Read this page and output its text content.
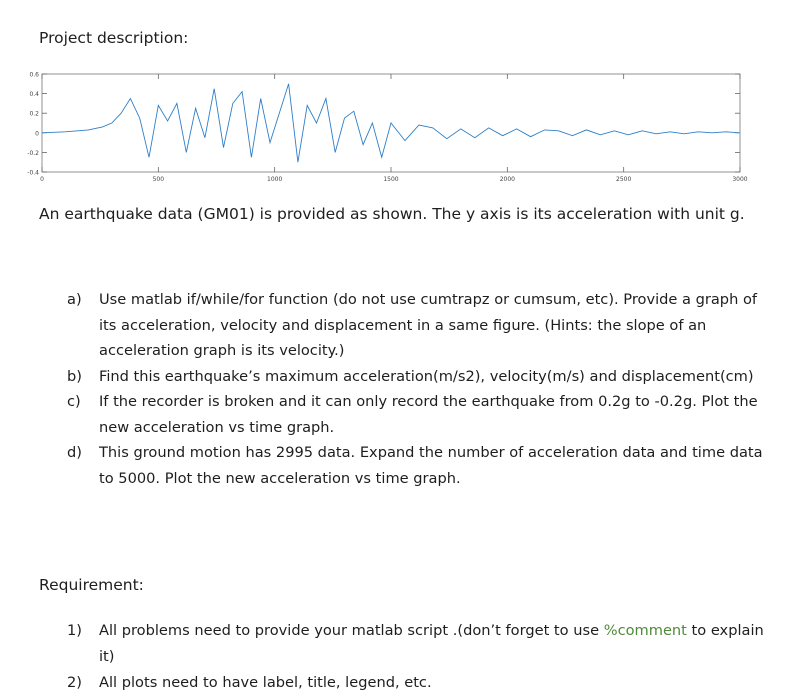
Project description:
0.6
0.4
0.2
0
-0.2
-0.4
0	500	1000	1500	2000	2500	3000
An earthquake data (GM01) is provided as shown. The y axis is its acceleration with unit g.
a) Use matlab if/while/for function (do not use cumtrapz or cumsum, etc). Provide a graph of its acceleration, velocity and displacement in a same figure. (Hints: the slope of an acceleration graph is its velocity.)
b) Find this earthquake’s maximum acceleration(m/s2), velocity(m/s) and displacement(cm)
c) If the recorder is broken and it can only record the earthquake from 0.2g to -0.2g. Plot the new acceleration vs time graph.
d) This ground motion has 2995 data. Expand the number of acceleration data and time data to 5000. Plot the new acceleration vs time graph.
Requirement:
1) All problems need to provide your matlab script .(don’t forget to use %comment to explain it)
2) All plots need to have label, title, legend, etc.
